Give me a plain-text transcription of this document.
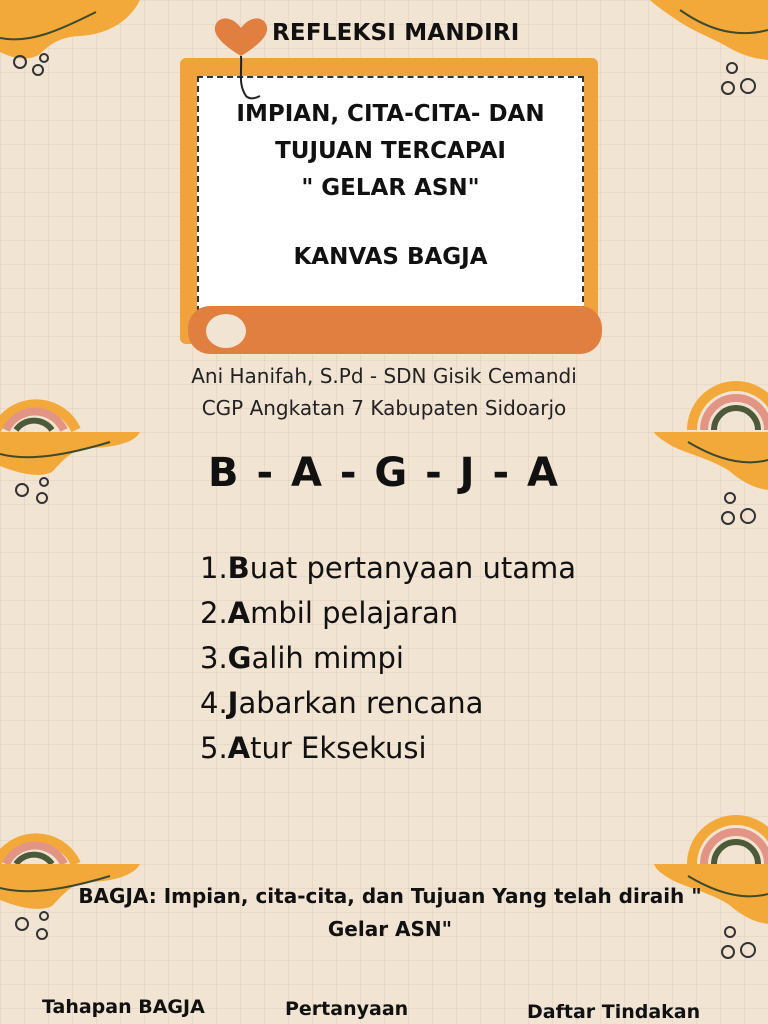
REFLEKSI MANDIRI
IMPIAN, CITA-CITA- DAN
TUJUAN TERCAPAI
" GELAR ASN"
KANVAS BAGJA
Ani Hanifah, S.Pd - SDN Gisik Cemandi
CGP Angkatan 7 Kabupaten Sidoarjo
B - A - G - J - A
1.Buat pertanyaan utama
2.Ambil pelajaran
3.Galih mimpi
4.Jabarkan rencana
5.Atur Eksekusi
BAGJA: Impian, cita-cita, dan Tujuan Yang telah diraih "
Gelar ASN"
Tahapan BAGJA	Pertanyaan	Daftar Tindakan
